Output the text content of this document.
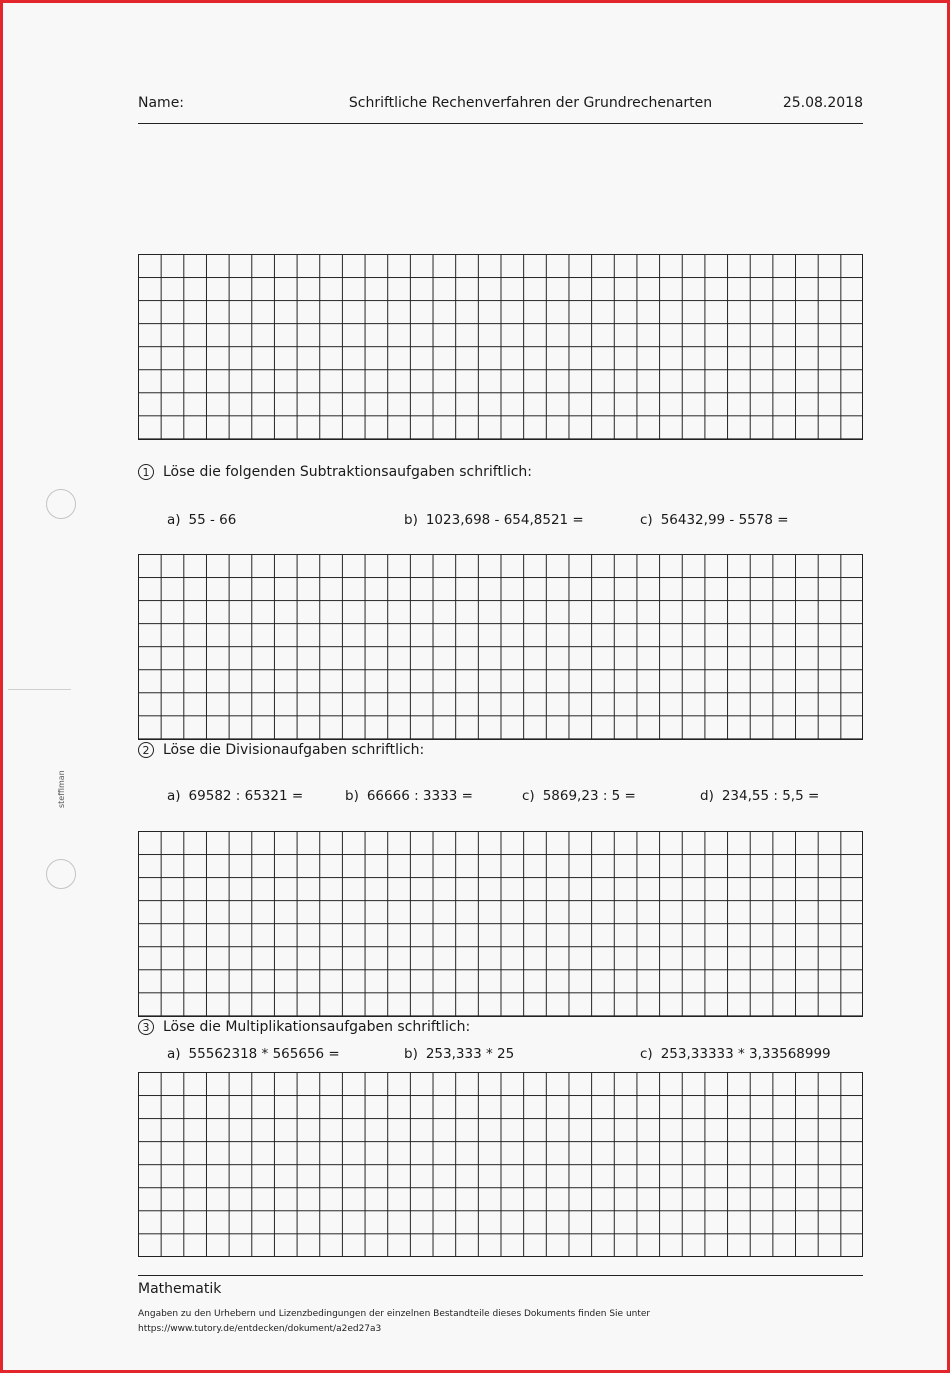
Name:	Schriftliche Rechenverfahren der Grundrechenarten	25.08.2018
1 Löse die folgenden Subtraktionsaufgaben schriftlich:
a) 55 - 66	b) 1023,698 - 654,8521 =	c) 56432,99 - 5578 =
2 Löse die Divisionaufgaben schriftlich:
a) 69582 : 65321 =	b) 66666 : 3333 =	c) 5869,23 : 5 =	d) 234,55 : 5,5 =
3 Löse die Multiplikationsaufgaben schriftlich:
a) 55562318 * 565656 =	b) 253,333 * 25	c) 253,33333 * 3,33568999
steffiman
Mathematik
Angaben zu den Urhebern und Lizenzbedingungen der einzelnen Bestandteile dieses Dokuments finden Sie unter
https://www.tutory.de/entdecken/dokument/a2ed27a3
